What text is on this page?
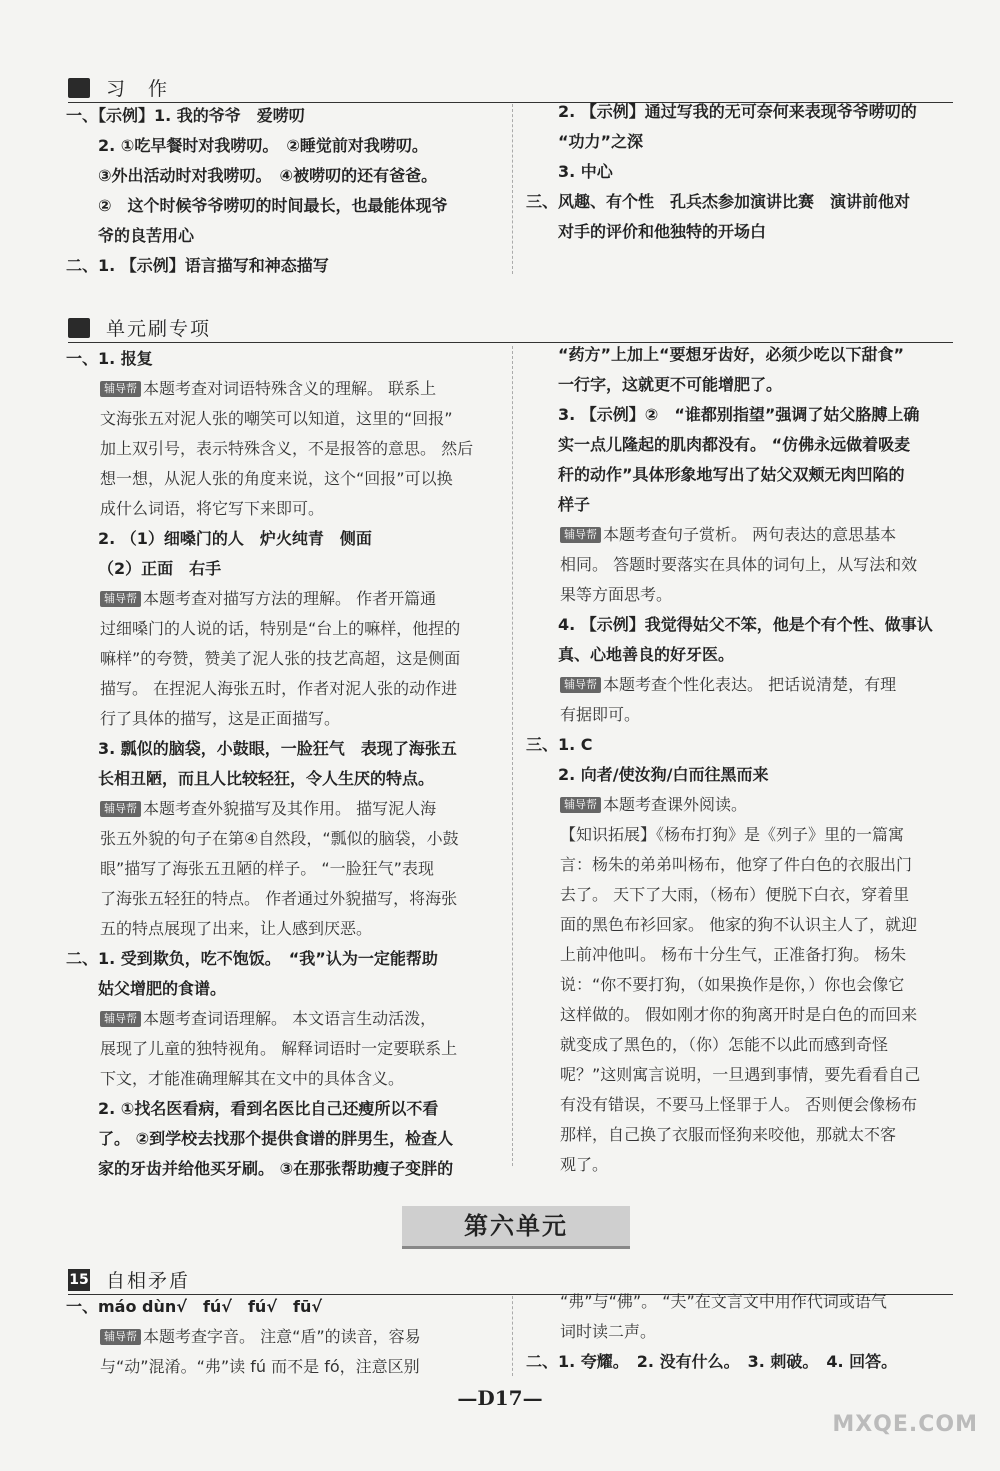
习　作
一、【示例】1. 我的爷爷　爱唠叨
2. ①吃早餐时对我唠叨。　②睡觉前对我唠叨。
③外出活动时对我唠叨。　④被唠叨的还有爸爸。
②　这个时候爷爷唠叨的时间最长，也最能体现爷
爷的良苦用心
二、1. 【示例】语言描写和神态描写
2. 【示例】通过写我的无可奈何来表现爷爷唠叨的
“功力”之深
3. 中心
三、风趣、有个性　孔兵杰参加演讲比赛　演讲前他对
对手的评价和他独特的开场白
单元刷专项
一、1. 报复
辅导帮 本题考查对词语特殊含义的理解。 联系上
文海张五对泥人张的嘲笑可以知道，这里的“回报”
加上双引号，表示特殊含义，不是报答的意思。 然后
想一想，从泥人张的角度来说，这个“回报”可以换
成什么词语，将它写下来即可。
2. （1）细嗓门的人　炉火纯青　侧面
（2）正面　右手
辅导帮 本题考查对描写方法的理解。 作者开篇通
过细嗓门的人说的话，特别是“台上的嘛样，他捏的
嘛样”的夸赞，赞美了泥人张的技艺高超，这是侧面
描写。 在捏泥人海张五时，作者对泥人张的动作进
行了具体的描写，这是正面描写。
3. 瓢似的脑袋，小鼓眼，一脸狂气　表现了海张五
长相丑陋，而且人比较轻狂，令人生厌的特点。
辅导帮 本题考查外貌描写及其作用。 描写泥人海
张五外貌的句子在第④自然段，“瓢似的脑袋，小鼓
眼”描写了海张五丑陋的样子。 “一脸狂气”表现
了海张五轻狂的特点。 作者通过外貌描写，将海张
五的特点展现了出来，让人感到厌恶。
二、1. 受到欺负，吃不饱饭。　“我”认为一定能帮助
姑父增肥的食谱。
辅导帮 本题考查词语理解。 本文语言生动活泼，
展现了儿童的独特视角。 解释词语时一定要联系上
下文，才能准确理解其在文中的具体含义。
2. ①找名医看病，看到名医比自己还瘦所以不看
了。 ②到学校去找那个提供食谱的胖男生，检查人
家的牙齿并给他买牙刷。 ③在那张帮助瘦子变胖的
“药方”上加上“要想牙齿好，必须少吃以下甜食”
一行字，这就更不可能增肥了。
3. 【示例】②　“谁都别指望”强调了姑父胳膊上确
实一点儿隆起的肌肉都没有。 “仿佛永远做着吸麦
秆的动作”具体形象地写出了姑父双颊无肉凹陷的
样子
辅导帮 本题考查句子赏析。 两句表达的意思基本
相同。 答题时要落实在具体的词句上，从写法和效
果等方面思考。
4. 【示例】我觉得姑父不笨，他是个有个性、做事认
真、心地善良的好牙医。
辅导帮 本题考查个性化表达。 把话说清楚，有理
有据即可。
三、1. C
2. 向者/使汝狗/白而往黑而来
辅导帮 本题考查课外阅读。
【知识拓展】《杨布打狗》是《列子》里的一篇寓
言：杨朱的弟弟叫杨布，他穿了件白色的衣服出门
去了。 天下了大雨，（杨布）便脱下白衣，穿着里
面的黑色布衫回家。 他家的狗不认识主人了，就迎
上前冲他叫。 杨布十分生气，正准备打狗。 杨朱
说：“你不要打狗，（如果换作是你，）你也会像它
这样做的。 假如刚才你的狗离开时是白色的而回来
就变成了黑色的，（你）怎能不以此而感到奇怪
呢？”这则寓言说明，一旦遇到事情，要先看看自己
有没有错误，不要马上怪罪于人。 否则便会像杨布
那样，自己换了衣服而怪狗来咬他，那就太不客
观了。
第六单元
15 自相矛盾
一、máo dùn√　fú√　fú√　fū√
辅导帮 本题考查字音。 注意“盾”的读音，容易
与“动”混淆。“弗”读 fú 而不是 fó，注意区别
“弗”与“佛”。 “夫”在文言文中用作代词或语气
词时读二声。
二、1. 夸耀。　2. 没有什么。　3. 刺破。　4. 回答。
—D17—
MXQE.COM
